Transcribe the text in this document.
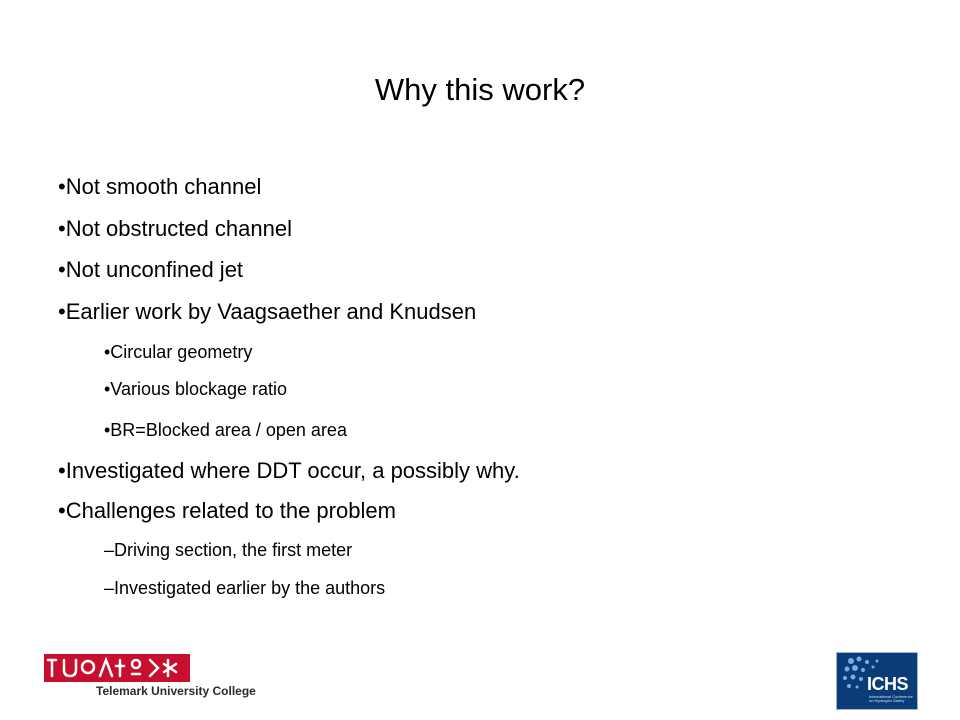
Why this work?
•Not smooth channel
•Not obstructed channel
•Not unconfined jet
•Earlier work by Vaagsaether and Knudsen
•Circular geometry
•Various blockage ratio
•BR=Blocked area / open area
•Investigated where DDT occur, a possibly why.
•Challenges related to the problem
–Driving section, the first meter
–Investigated earlier by the authors
Telemark University College	ICHS
International Conference on Hydrogen Safety
